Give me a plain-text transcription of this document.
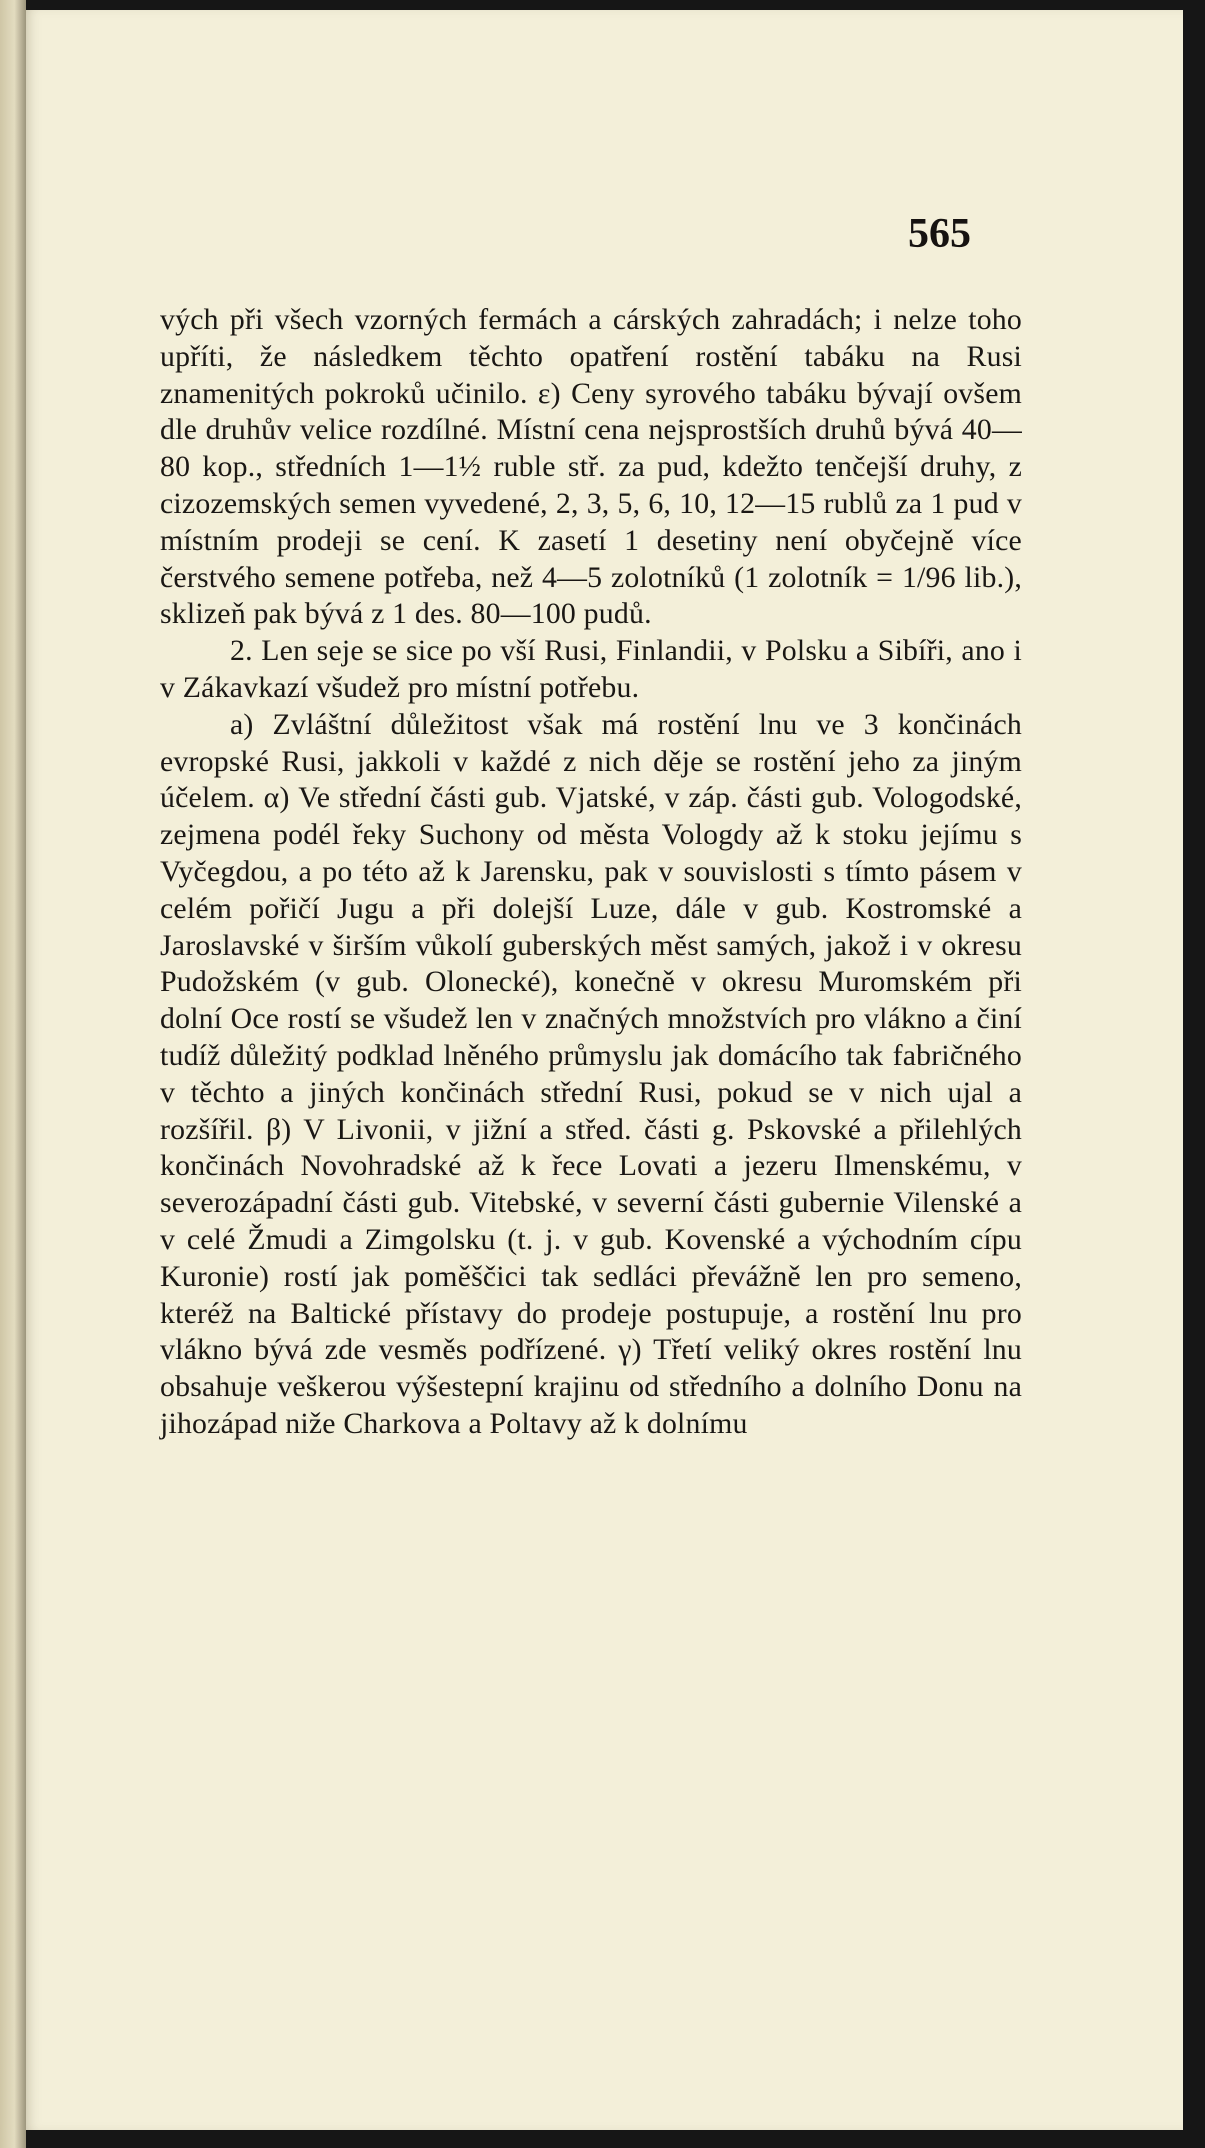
565

vých při všech vzorných fermách a cárských zahradách; i nelze toho upříti, že následkem těchto opatření rostění tabáku na Rusi znamenitých pokroků učinilo. ε) Ceny syrového tabáku bývají ovšem dle druhův velice rozdílné. Místní cena nejsprostších druhů bývá 40—80 kop., středních 1—1½ ruble stř. za pud, kdežto tenčejší druhy, z cizozemských semen vyvedené, 2, 3, 5, 6, 10, 12—15 rublů za 1 pud v místním prodeji se cení. K zasetí 1 desetiny není obyčejně více čerstvého semene potřeba, než 4—5 zolotníků (1 zolotník = 1/96 lib.), sklizeň pak bývá z 1 des. 80—100 pudů.

2. Len seje se sice po vší Rusi, Finlandii, v Polsku a Sibíři, ano i v Zákavkazí všudež pro místní potřebu.

a) Zvláštní důležitost však má rostění lnu ve 3 končinách evropské Rusi, jakkoli v každé z nich děje se rostění jeho za jiným účelem. α) Ve střední části gub. Vjatské, v záp. části gub. Vologodské, zejmena podél řeky Suchony od města Vologdy až k stoku jejímu s Vyčegdou, a po této až k Jarensku, pak v souvislosti s tímto pásem v celém pořičí Jugu a při dolejší Luze, dále v gub. Kostromské a Jaroslavské v širším vůkolí guberských měst samých, jakož i v okresu Pudožském (v gub. Olonecké), konečně v okresu Muromském při dolní Oce rostí se všudež len v značných množstvích pro vlákno a činí tudíž důležitý podklad lněného průmyslu jak domácího tak fabričného v těchto a jiných končinách střední Rusi, pokud se v nich ujal a rozšířil. β) V Livonii, v jižní a střed. části g. Pskovské a přilehlých končinách Novohradské až k řece Lovati a jezeru Ilmenskému, v severozápadní části gub. Vitebské, v severní části gubernie Vilenské a v celé Žmudi a Zimgolsku (t. j. v gub. Kovenské a východním cípu Kuronie) rostí jak poměščici tak sedláci převážně len pro semeno, kteréž na Baltické přístavy do prodeje postupuje, a rostění lnu pro vlákno bývá zde vesměs podřízené. γ) Třetí veliký okres rostění lnu obsahuje veškerou výšestepní krajinu od středního a dolního Donu na jihozápad niže Charkova a Poltavy až k dolnímu
